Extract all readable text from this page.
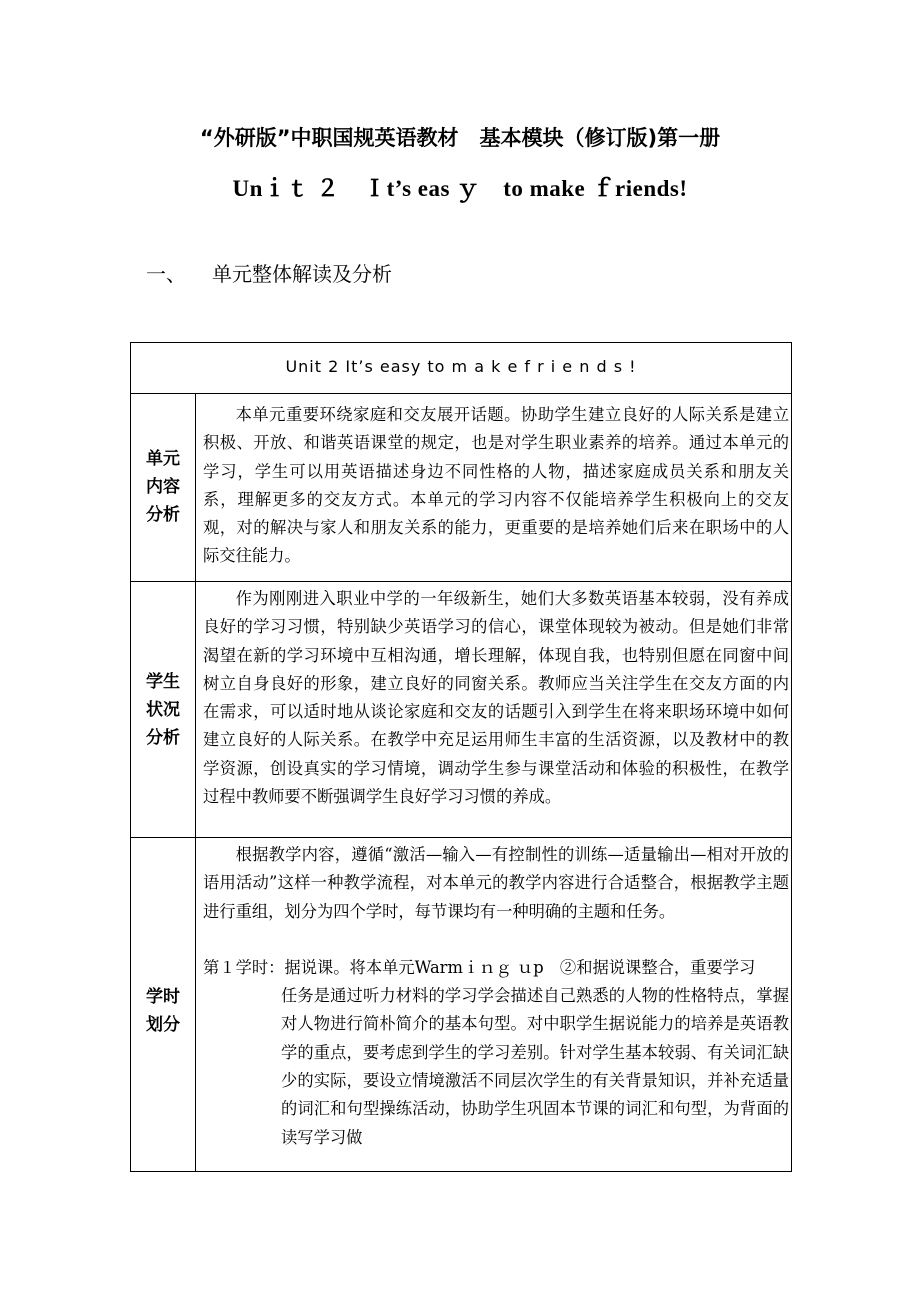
“外研版”中职国规英语教材　基本模块（修订版)第一册
Unｉｔ ２　Ｉt’s eas ｙ　to make ｆriends!
一、 单元整体解读及分析
Unit 2 It’s easy to m a k e f r i e n d s !
单元
内容
分析

本单元重要环绕家庭和交友展开话题。协助学生建立良好的人际关系是建立积极、开放、和谐英语课堂的规定，也是对学生职业素养的培养。通过本单元的学习，学生可以用英语描述身边不同性格的人物，描述家庭成员关系和朋友关系，理解更多的交友方式。本单元的学习内容不仅能培养学生积极向上的交友观，对的解决与家人和朋友关系的能力，更重要的是培养她们后来在职场中的人际交往能力。

学生
状况
分析

作为刚刚进入职业中学的一年级新生，她们大多数英语基本较弱，没有养成良好的学习习惯，特别缺少英语学习的信心，课堂体现较为被动。但是她们非常渴望在新的学习环境中互相沟通，增长理解，体现自我，也特别但愿在同窗中间树立自身良好的形象，建立良好的同窗关系。教师应当关注学生在交友方面的内在需求，可以适时地从谈论家庭和交友的话题引入到学生在将来职场环境中如何建立良好的人际关系。在教学中充足运用师生丰富的生活资源，以及教材中的教学资源，创设真实的学习情境，调动学生参与课堂活动和体验的积极性，在教学过程中教师要不断强调学生良好学习习惯的养成。

学时
划分

根据教学内容，遵循“激活—输入—有控制性的训练—适量输出—相对开放的语用活动”这样一种教学流程，对本单元的教学内容进行合适整合，根据教学主题进行重组，划分为四个学时，每节课均有一种明确的主题和任务。

第１学时：据说课。将本单元Warmｉｎｇ ｕp　②和据说课整合，重要学习
任务是通过听力材料的学习学会描述自己熟悉的人物的性格特点，掌握对人物进行简朴简介的基本句型。对中职学生据说能力的培养是英语教学的重点，要考虑到学生的学习差别。针对学生基本较弱、有关词汇缺少的实际，要设立情境激活不同层次学生的有关背景知识，并补充适量的词汇和句型操练活动，协助学生巩固本节课的词汇和句型，为背面的读写学习做
